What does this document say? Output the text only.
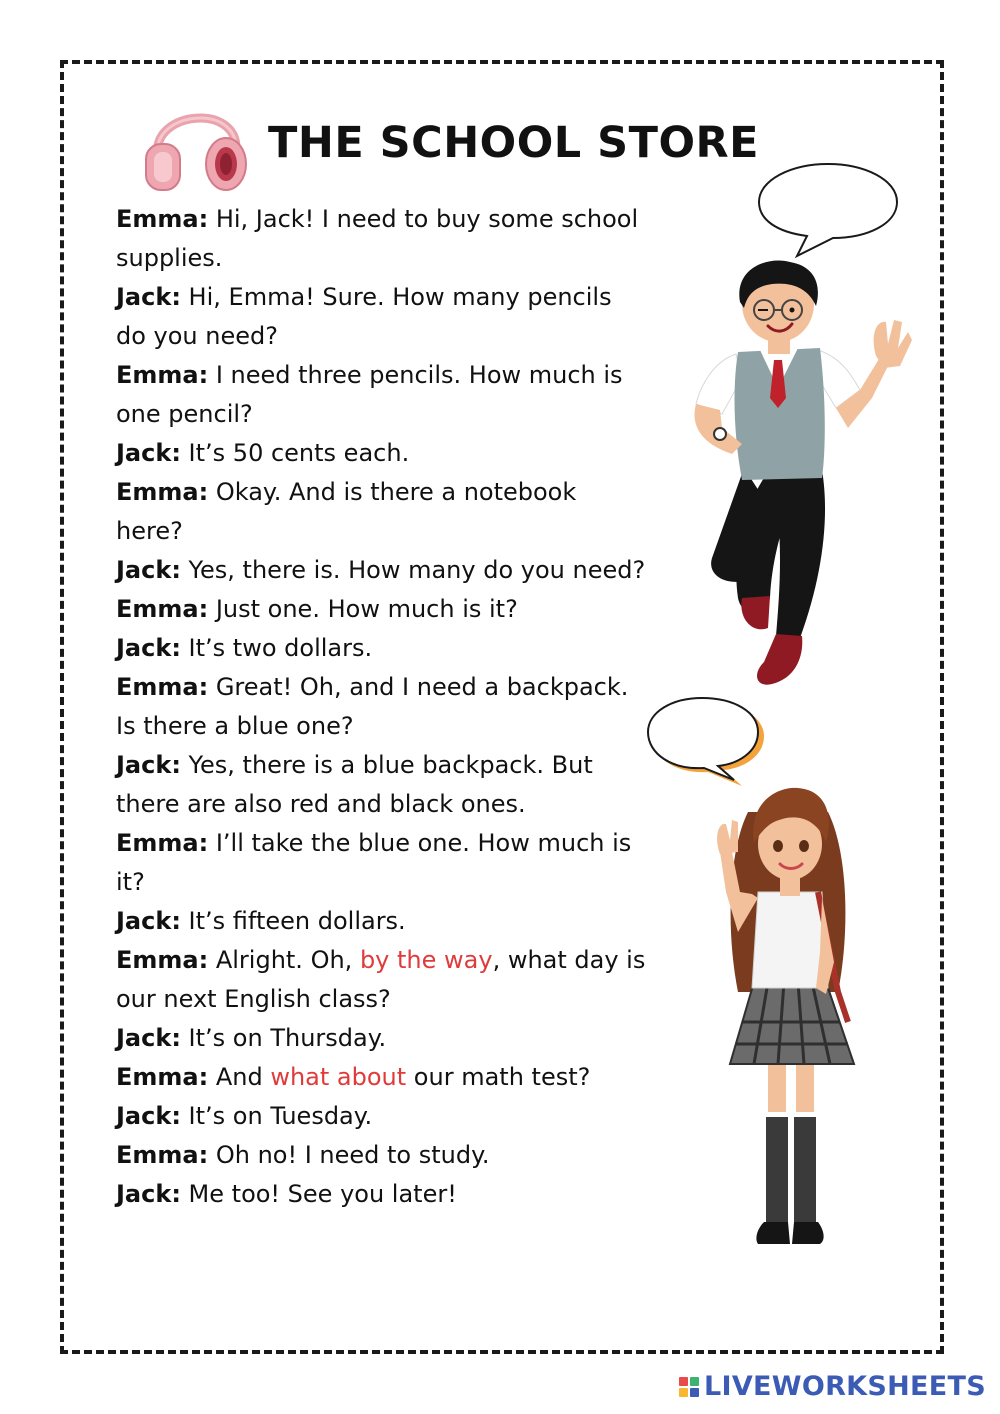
THE SCHOOL STORE

Emma: Hi, Jack! I need to buy some school supplies.

Jack: Hi, Emma! Sure. How many pencils do you need?

Emma: I need three pencils. How much is one pencil?

Jack: It’s 50 cents each.

Emma: Okay. And is there a notebook here?

Jack: Yes, there is. How many do you need?

Emma: Just one. How much is it?

Jack: It’s two dollars.

Emma: Great! Oh, and I need a backpack. Is there a blue one?

Jack: Yes, there is a blue backpack. But there are also red and black ones.

Emma: I’ll take the blue one. How much is it?

Jack: It’s fifteen dollars.

Emma: Alright. Oh, by the way, what day is our next English class?

Jack: It’s on Thursday.

Emma: And what about our math test?

Jack: It’s on Tuesday.

Emma: Oh no! I need to study.

Jack: Me too! See you later!

LIVEWORKSHEETS
